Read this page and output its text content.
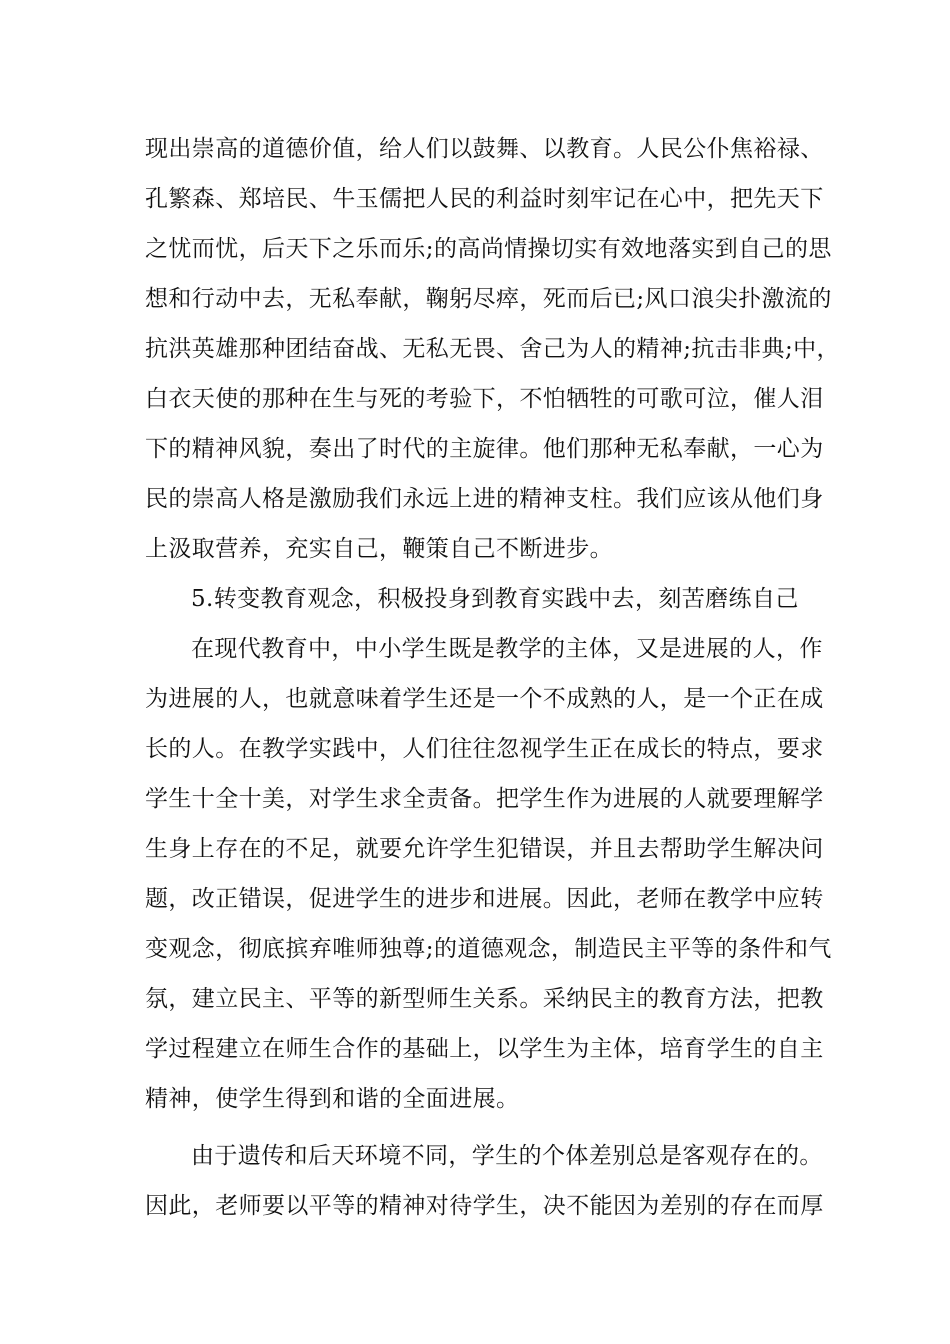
现出崇高的道德价值，给人们以鼓舞、以教育。人民公仆焦裕禄、
孔繁森、郑培民、牛玉儒把人民的利益时刻牢记在心中，把先天下
之忧而忧，后天下之乐而乐;的高尚情操切实有效地落实到自己的思
想和行动中去，无私奉献，鞠躬尽瘁，死而后已;风口浪尖扑激流的
抗洪英雄那种团结奋战、无私无畏、舍己为人的精神;抗击非典;中，
白衣天使的那种在生与死的考验下，不怕牺牲的可歌可泣，催人泪
下的精神风貌，奏出了时代的主旋律。他们那种无私奉献，一心为
民的崇高人格是激励我们永远上进的精神支柱。我们应该从他们身
上汲取营养，充实自己，鞭策自己不断进步。
5.转变教育观念，积极投身到教育实践中去，刻苦磨练自己
在现代教育中，中小学生既是教学的主体，又是进展的人，作
为进展的人，也就意味着学生还是一个不成熟的人，是一个正在成
长的人。在教学实践中，人们往往忽视学生正在成长的特点，要求
学生十全十美，对学生求全责备。把学生作为进展的人就要理解学
生身上存在的不足，就要允许学生犯错误，并且去帮助学生解决问
题，改正错误，促进学生的进步和进展。因此，老师在教学中应转
变观念，彻底摈弃唯师独尊;的道德观念，制造民主平等的条件和气
氛，建立民主、平等的新型师生关系。采纳民主的教育方法，把教
学过程建立在师生合作的基础上，以学生为主体，培育学生的自主
精神，使学生得到和谐的全面进展。
由于遗传和后天环境不同，学生的个体差别总是客观存在的。
因此，老师要以平等的精神对待学生，决不能因为差别的存在而厚
